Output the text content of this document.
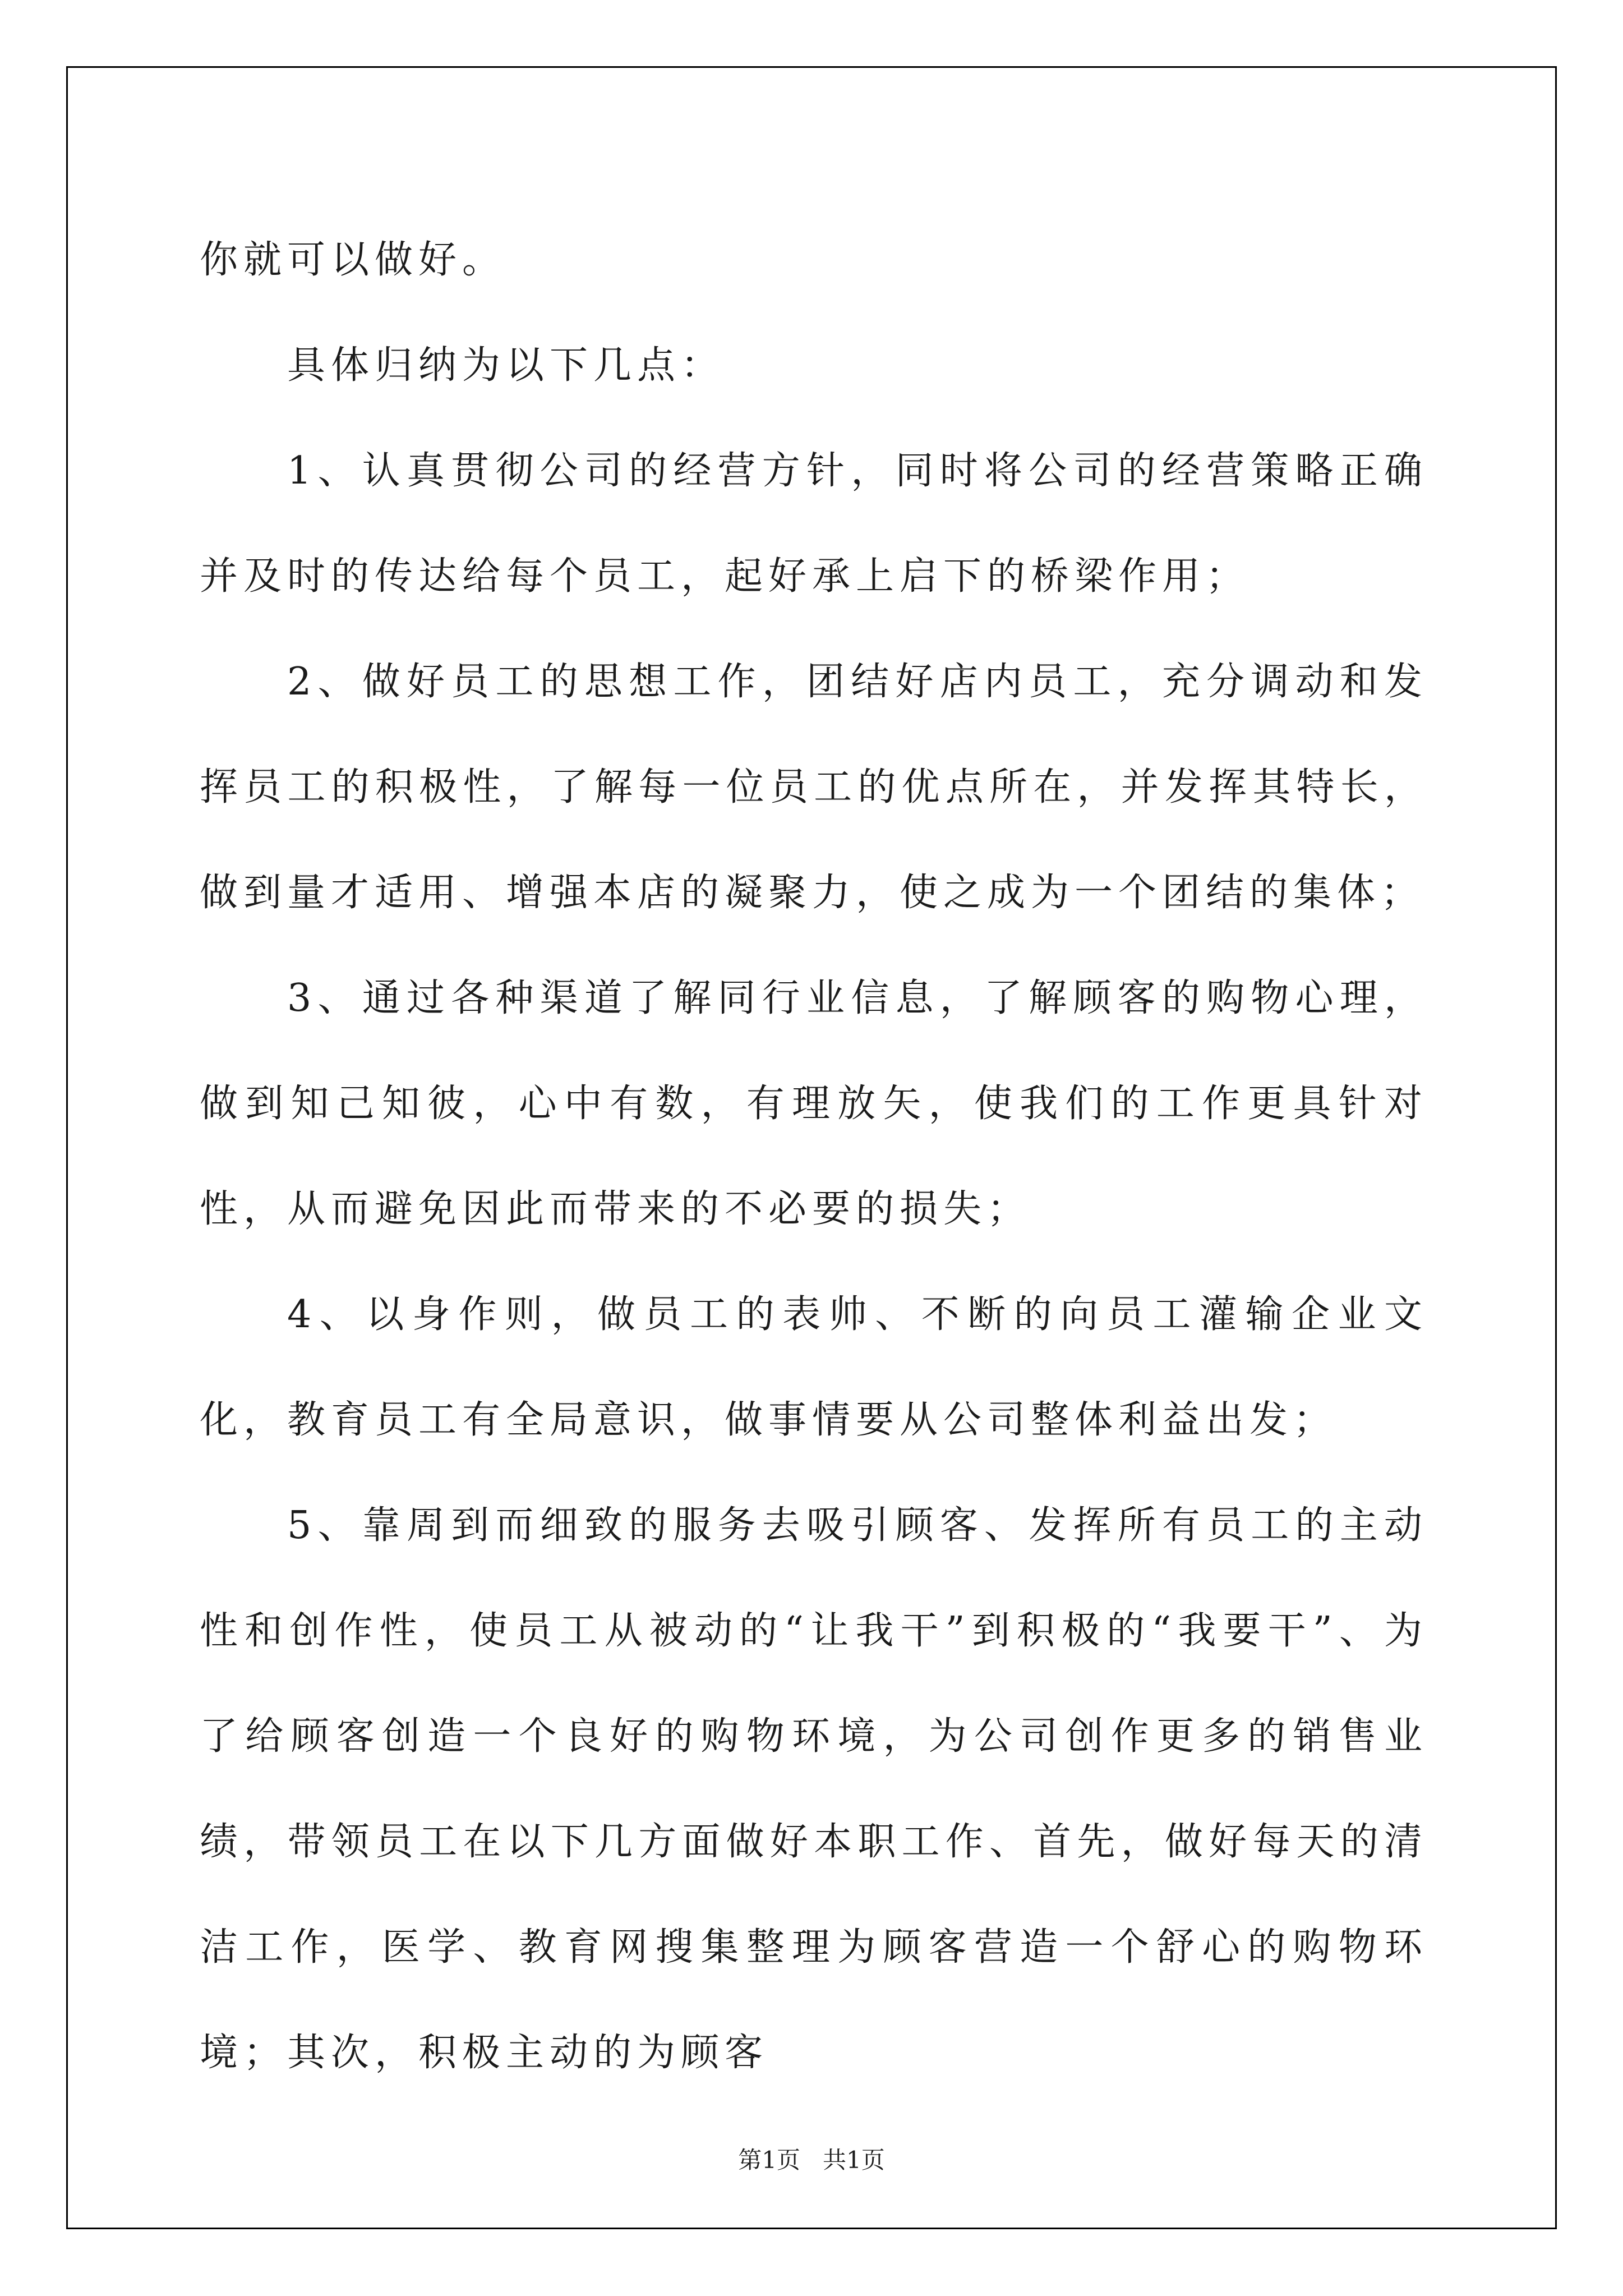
你就可以做好。

具体归纳为以下几点：

1、认真贯彻公司的经营方针，同时将公司的经营策略正确并及时的传达给每个员工，起好承上启下的桥梁作用；

2、做好员工的思想工作，团结好店内员工，充分调动和发挥员工的积极性，了解每一位员工的优点所在，并发挥其特长，做到量才适用、增强本店的凝聚力，使之成为一个团结的集体；

3、通过各种渠道了解同行业信息，了解顾客的购物心理，做到知己知彼，心中有数，有理放矢，使我们的工作更具针对性，从而避免因此而带来的不必要的损失；

4、以身作则，做员工的表帅、不断的向员工灌输企业文化，教育员工有全局意识，做事情要从公司整体利益出发；

5、靠周到而细致的服务去吸引顾客、发挥所有员工的主动性和创作性，使员工从被动的“让我干”到积极的“我要干”、为了给顾客创造一个良好的购物环境，为公司创作更多的销售业绩，带领员工在以下几方面做好本职工作、首先，做好每天的清洁工作，医学、教育网搜集整理为顾客营造一个舒心的购物环境；其次，积极主动的为顾客

第1页   共1页
